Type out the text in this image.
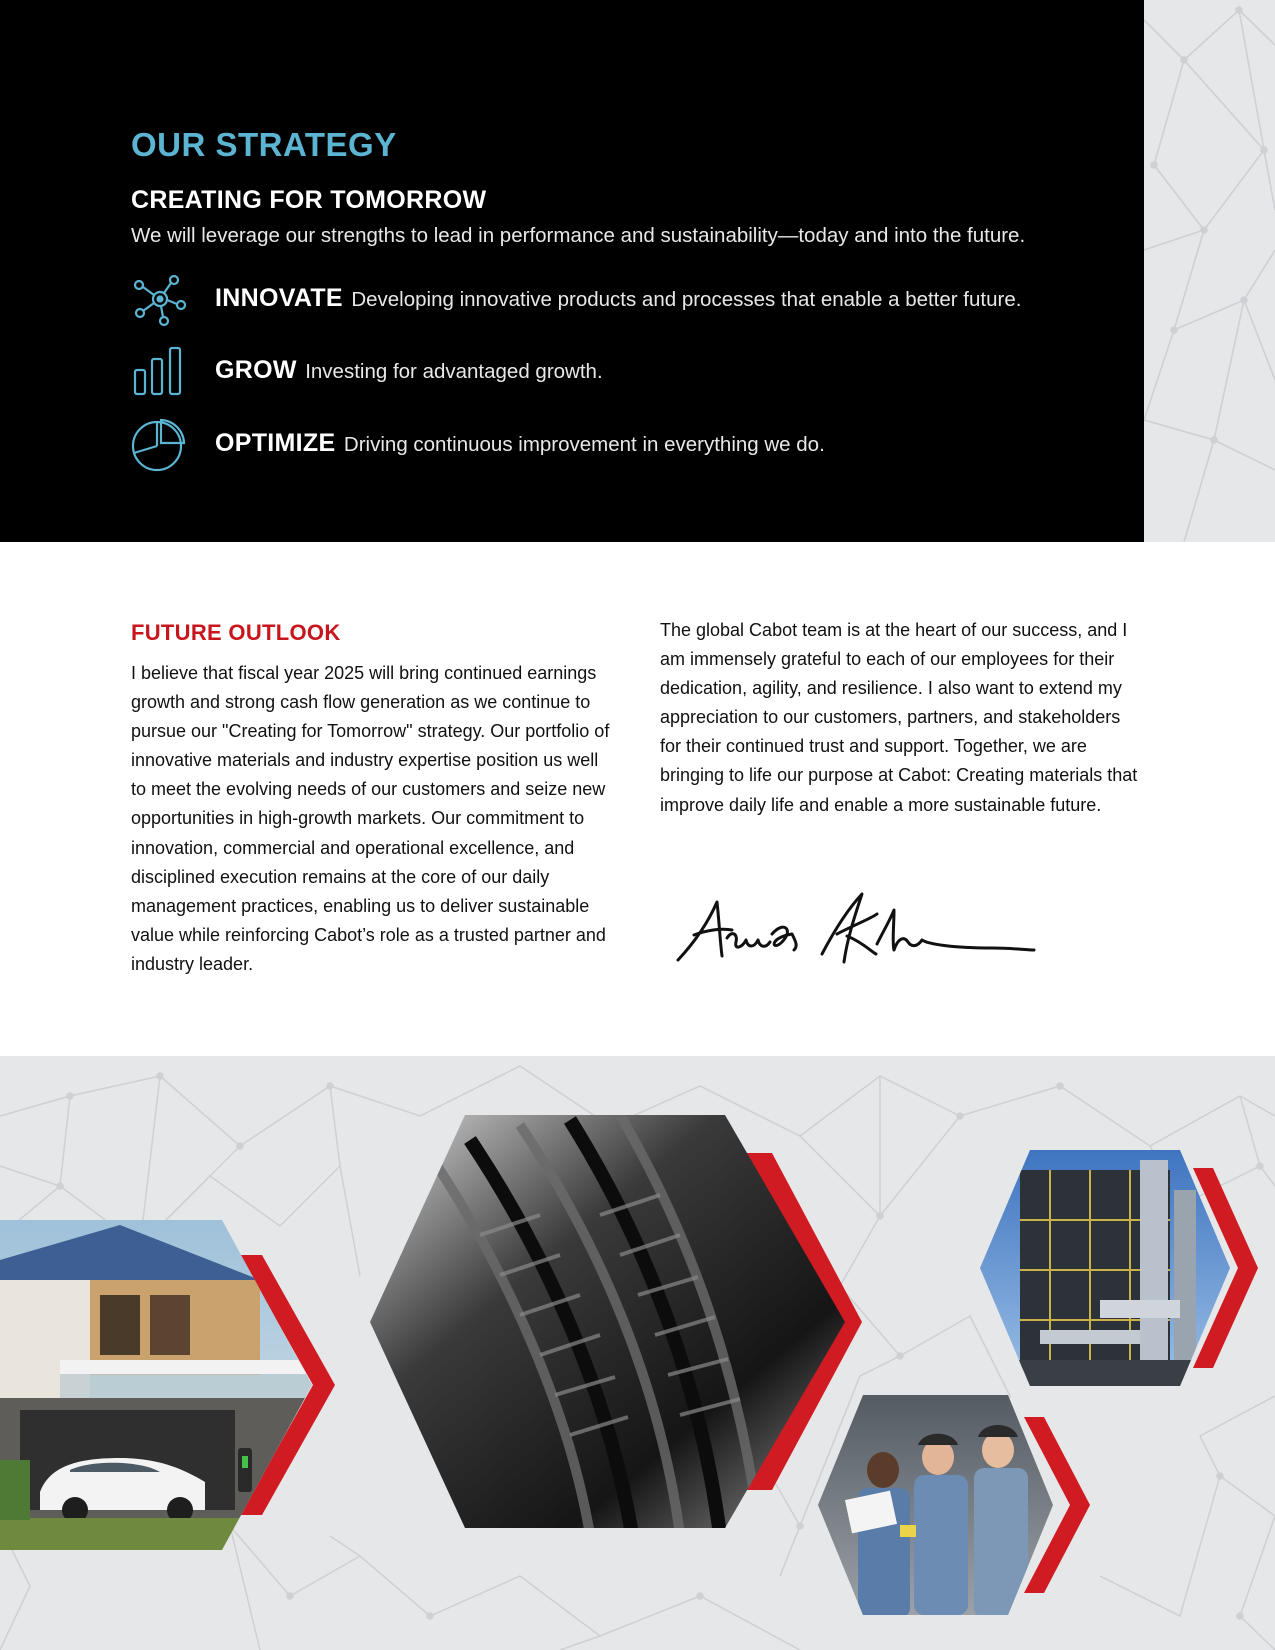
OUR STRATEGY
CREATING FOR TOMORROW

We will leverage our strengths to lead in performance and sustainability—today and into the future.

INNOVATE Developing innovative products and processes that enable a better future.
GROW Investing for advantaged growth.
OPTIMIZE Driving continuous improvement in everything we do.
FUTURE OUTLOOK

I believe that fiscal year 2025 will bring continued earnings growth and strong cash flow generation as we continue to pursue our "Creating for Tomorrow" strategy. Our portfolio of innovative materials and industry expertise position us well to meet the evolving needs of our customers and seize new opportunities in high-growth markets. Our commitment to innovation, commercial and operational excellence, and disciplined execution remains at the core of our daily management practices, enabling us to deliver sustainable value while reinforcing Cabot’s role as a trusted partner and industry leader.

The global Cabot team is at the heart of our success, and I am immensely grateful to each of our employees for their dedication, agility, and resilience. I also want to extend my appreciation to our customers, partners, and stakeholders for their continued trust and support. Together, we are bringing to life our purpose at Cabot: Creating materials that improve daily life and enable a more sustainable future.
